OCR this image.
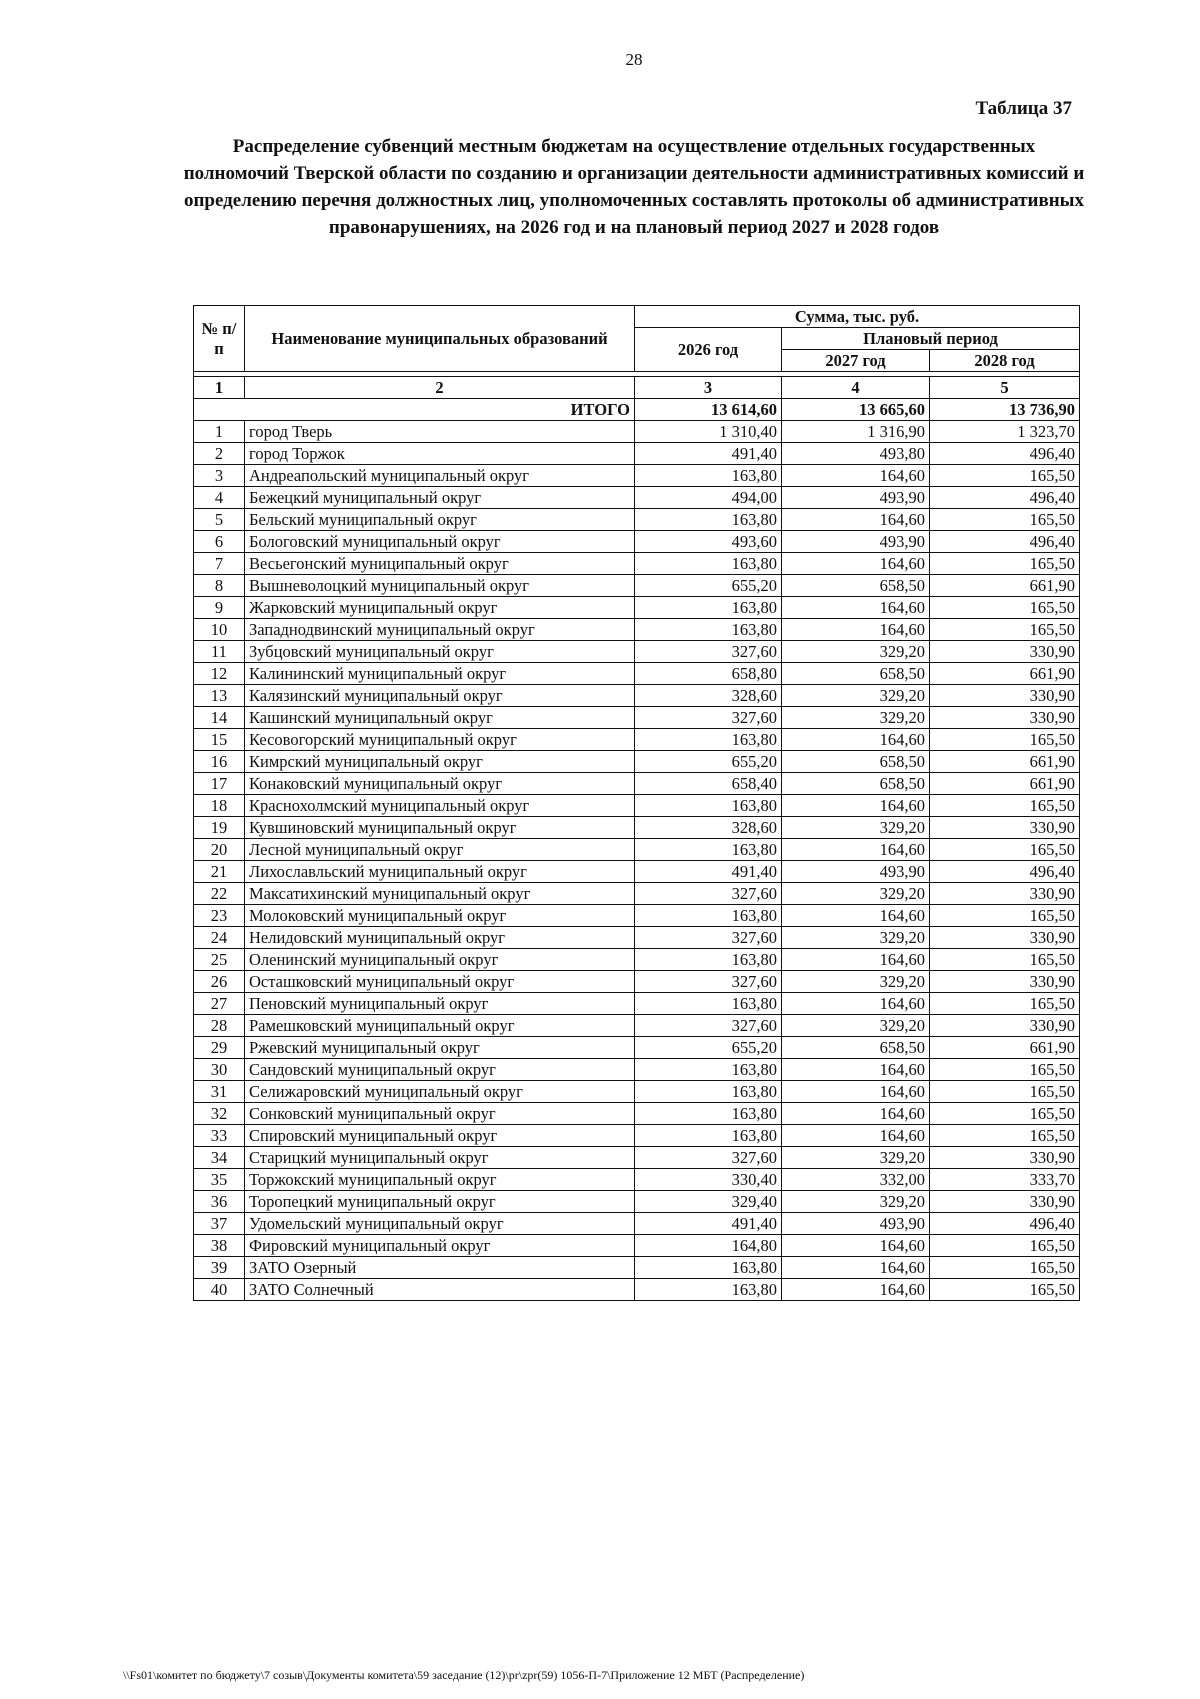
28
Таблица 37
Распределение субвенций местным бюджетам на осуществление отдельных государственных полномочий Тверской области по созданию и организации деятельности административных комиссий и определению перечня должностных лиц, уполномоченных составлять протоколы об административных правонарушениях, на 2026 год и на плановый период 2027 и 2028 годов
№ п/п	Наименование муниципальных образований	Сумма, тыс. руб.		
		2026 год	Плановый период	
			2027 год	2028 год

1	2	3	4	5
ИТОГО		13 614,60	13 665,60	13 736,90
1	город Тверь	1 310,40	1 316,90	1 323,70
2	город Торжок	491,40	493,80	496,40
3	Андреапольский муниципальный округ	163,80	164,60	165,50
4	Бежецкий муниципальный округ	494,00	493,90	496,40
5	Бельский муниципальный округ	163,80	164,60	165,50
6	Бологовский муниципальный округ	493,60	493,90	496,40
7	Весьегонский муниципальный округ	163,80	164,60	165,50
8	Вышневолоцкий муниципальный округ	655,20	658,50	661,90
9	Жарковский муниципальный округ	163,80	164,60	165,50
10	Западнодвинский муниципальный округ	163,80	164,60	165,50
11	Зубцовский муниципальный округ	327,60	329,20	330,90
12	Калининский муниципальный округ	658,80	658,50	661,90
13	Калязинский муниципальный округ	328,60	329,20	330,90
14	Кашинский муниципальный округ	327,60	329,20	330,90
15	Кесовогорский муниципальный округ	163,80	164,60	165,50
16	Кимрский муниципальный округ	655,20	658,50	661,90
17	Конаковский муниципальный округ	658,40	658,50	661,90
18	Краснохолмский муниципальный округ	163,80	164,60	165,50
19	Кувшиновский муниципальный округ	328,60	329,20	330,90
20	Лесной муниципальный округ	163,80	164,60	165,50
21	Лихославльский муниципальный округ	491,40	493,90	496,40
22	Максатихинский муниципальный округ	327,60	329,20	330,90
23	Молоковский муниципальный округ	163,80	164,60	165,50
24	Нелидовский муниципальный округ	327,60	329,20	330,90
25	Оленинский муниципальный округ	163,80	164,60	165,50
26	Осташковский муниципальный округ	327,60	329,20	330,90
27	Пеновский муниципальный округ	163,80	164,60	165,50
28	Рамешковский муниципальный округ	327,60	329,20	330,90
29	Ржевский муниципальный округ	655,20	658,50	661,90
30	Сандовский муниципальный округ	163,80	164,60	165,50
31	Селижаровский муниципальный округ	163,80	164,60	165,50
32	Сонковский муниципальный округ	163,80	164,60	165,50
33	Спировский муниципальный округ	163,80	164,60	165,50
34	Старицкий муниципальный округ	327,60	329,20	330,90
35	Торжокский муниципальный округ	330,40	332,00	333,70
36	Торопецкий муниципальный округ	329,40	329,20	330,90
37	Удомельский муниципальный округ	491,40	493,90	496,40
38	Фировский муниципальный округ	164,80	164,60	165,50
39	ЗАТО Озерный	163,80	164,60	165,50
40	ЗАТО Солнечный	163,80	164,60	165,50
\\Fs01\комитет по бюджету\7 созыв\Документы комитета\59 заседание (12)\pr\zpr(59) 1056-П-7\Приложение 12 МБТ (Распределение)
